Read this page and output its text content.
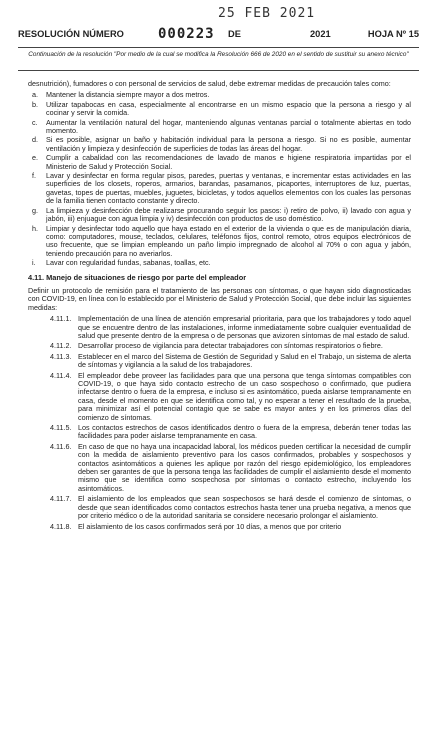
25 FEB 2021
RESOLUCIÓN NÚMERO 000223 DE	2021	HOJA Nº 15
Continuación de la resolución "Por medio de la cual se modifica la Resolución 666 de 2020 en el sentido de sustituir su anexo técnico"

desnutrición), fumadores o con personal de servicios de salud, debe extremar medidas de precaución tales como:

a. Mantener la distancia siempre mayor a dos metros.
b. Utilizar tapabocas en casa, especialmente al encontrarse en un mismo espacio que la persona a riesgo y al cocinar y servir la comida.
c. Aumentar la ventilación natural del hogar, manteniendo algunas ventanas parcial o totalmente abiertas en todo momento.
d. Si es posible, asignar un baño y habitación individual para la persona a riesgo. Si no es posible, aumentar ventilación y limpieza y desinfección de superficies de todas las áreas del hogar.
e. Cumplir a cabalidad con las recomendaciones de lavado de manos e higiene respiratoria impartidas por el Ministerio de Salud y Protección Social.
f. Lavar y desinfectar en forma regular pisos, paredes, puertas y ventanas, e incrementar estas actividades en las superficies de los closets, roperos, armarios, barandas, pasamanos, picaportes, interruptores de luz, puertas, gavetas, topes de puertas, muebles, juguetes, bicicletas, y todos aquellos elementos con los cuales las personas de la familia tienen contacto constante y directo.
g. La limpieza y desinfección debe realizarse procurando seguir los pasos: i) retiro de polvo, ii) lavado con agua y jabón, iii) enjuague con agua limpia y iv) desinfección con productos de uso doméstico.
h. Limpiar y desinfectar todo aquello que haya estado en el exterior de la vivienda o que es de manipulación diaria, como: computadores, mouse, teclados, celulares, teléfonos fijos, control remoto, otros equipos electrónicos de uso frecuente, que se limpian empleando un paño limpio impregnado de alcohol al 70% o con agua y jabón, teniendo precaución para no averiarlos.
i. Lavar con regularidad fundas, sabanas, toallas, etc.
4.11. Manejo de situaciones de riesgo por parte del empleador

Definir un protocolo de remisión para el tratamiento de las personas con síntomas, o que hayan sido diagnosticadas con COVID-19, en línea con lo establecido por el Ministerio de Salud y Protección Social, que debe incluir las siguientes medidas:

4.11.1. Implementación de una línea de atención empresarial prioritaria, para que los trabajadores y todo aquel que se encuentre dentro de las instalaciones, informe inmediatamente sobre cualquier eventualidad de salud que presente dentro de la empresa o de personas que avizoren síntomas de mal estado de salud.
4.11.2. Desarrollar proceso de vigilancia para detectar trabajadores con síntomas respiratorios o fiebre.
4.11.3. Establecer en el marco del Sistema de Gestión de Seguridad y Salud en el Trabajo, un sistema de alerta de síntomas y vigilancia a la salud de los trabajadores.
4.11.4. El empleador debe proveer las facilidades para que una persona que tenga síntomas compatibles con COVID-19, o que haya sido contacto estrecho de un caso sospechoso o confirmado, que pudiera infectarse dentro o fuera de la empresa, e incluso si es asintomático, pueda aislarse tempranamente en casa, desde el momento en que se identifica como tal, y no esperar a tener el resultado de la prueba, para minimizar así el potencial contagio que se sabe es mayor antes y en los primeros días del comienzo de síntomas.
4.11.5. Los contactos estrechos de casos identificados dentro o fuera de la empresa, deberán tener todas las facilidades para poder aislarse tempranamente en casa.
4.11.6. En caso de que no haya una incapacidad laboral, los médicos pueden certificar la necesidad de cumplir con la medida de aislamiento preventivo para los casos confirmados, probables y sospechosos y contactos asintomáticos a quienes les aplique por razón del riesgo epidemiológico, los empleadores deben ser garantes de que la persona tenga las facilidades de cumplir el aislamiento desde el momento mismo que se identifica como sospechosa por síntomas o contacto estrecho, incluyendo los asintomáticos.
4.11.7. El aislamiento de los empleados que sean sospechosos se hará desde el comienzo de síntomas, o desde que sean identificados como contactos estrechos hasta tener una prueba negativa, a menos que por criterio médico o de la autoridad sanitaria se considere necesario prolongar el aislamiento.
4.11.8. El aislamiento de los casos confirmados será por 10 días, a menos que por criterio
